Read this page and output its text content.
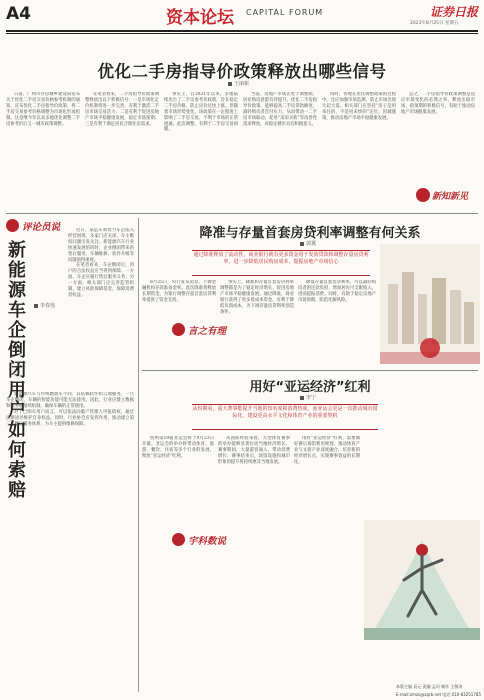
A4	资本论坛 CAPITAL FORUM	证券日报
2023年8月25日 星期五
优化二手房指导价政策释放出哪些信号
王丽新

日前，广州市住房城乡建设局发布关于优化二手房交易价格参考机制的通知，宣布优化二手房指导价政策，将二手房交易参考价格调整为市场化形成机制。这是继今年以来多地优化调整二手房参考价后又一城市政策调整。

在笔者看来，二手房指导价政策调整释放出以下积极信号：一是市场化定价机制将进一步完善，有利于激活二手房市场交易活力；二是有利于促进房地产市场平稳健康发展，稳定市场预期；三是有利于满足居民合理住房需求。

事实上，自2021年以来，多地陆续出台了二手房参考价政策，旨在稳定二手房价格，防止房价过快上涨。但随着市场形势变化，该政策在一定程度上影响了二手房交易，不利于市场的正常流通。此次调整，有利于二手房交易回暖。

当前，房地产市场正处于调整期，居民购房意愿有待提升。优化二手房指导价政策，能够提高二手房贷款额度，减轻购房者首付压力，从而带动一二手房市场联动，促进“卖旧买新”等改善性需求释放，对稳定楼市具有积极意义。

同时，各地在优化调整政策的过程中，还应加强市场监测，防止市场出现大起大落。相关部门应坚持“房子是用来住的、不是用来炒的”定位，因城施策，推动房地产市场平稳健康发展。

总之，二手房指导价政策调整是适应市场变化的必然之举，释放出稳市场、稳预期的积极信号，有助于推动房地产市场健康发展。

新知新见
评论员说
新能源车企倒闭 用户如何索赔
李春莲

近日，某造车新势力车企陷入经营困境，多家门店关闭，车主维权问题引发关注。新能源汽车行业快速发展的同时，企业倒闭带来的售后服务、车辆维修、软件升级等问题值得重视。

在笔者看来，车企倒闭后，用户的合法权益应当得到保障。一方面，车企应履行售后服务义务；另一方面，相关部门应完善监管机制，建立风险保障基金，保障消费者权益。

新能源汽车与传统燃油车不同，其依赖软件和云端服务，一旦车企倒闭，车辆的智能功能可能无法使用。因此，行业应建立数据和服务的接续机制，确保车辆的正常使用。

对于已购车用户而言，可以依法向破产管理人申报债权，通过法律途径维护自身权益。同时，行业协会应发挥作用，推动建立第三方售后服务体系，为车主提供维修保障。

降准与存量首套房贷利率调整有何关系
郭冀
通过降准释放了流动性，商业银行就有更多资金用于发放贷款和调整存量房贷利率，进一步降低居民购房成本，提振房地产市场信心

8月25日，央行发布消息，下调金融机构存款准备金率。此次降准将释放长期资金，为银行调整存量首套房贷利率提供了资金支持。

事实上，降准和存量首套房贷利率调整都是为了稳定经济增长、促进房地产市场平稳健康发展。通过降准，商业银行获得了更多低成本资金，有利于降低负债成本，为下调存量房贷利率创造条件。

降低存量首套房贷利率，可以减轻购房者的还款负担，增加居民可支配收入，进而提振消费。同时，有助于稳定房地产市场预期，防范化解风险。

言之有理
用好“亚运经济”红利
李宁
从短期看，重大赛事能提升当地的知名度和消费热度，而亚运会更是一次推动城市国际化、建设更高水平文化和体育产业的重要契机

杭州第19届亚运会将于9月23日开幕。亚运会的举办将带动体育、旅游、餐饮、住宿等多个行业的发展，释放“亚运经济”红利。

从国际经验来看，大型体育赛事的举办能够显著拉动当地经济增长。赛事期间，大量游客涌入，带动消费增长；赛事结束后，场馆设施和城市形象的提升将持续惠及当地发展。

用好“亚运经济”红利，需要做好赛后场馆利用规划，推动体育产业与文旅产业深度融合，培育新的经济增长点，实现赛事效益的长期化。

宇科数说
本版主编 袁元 责编 孟珂 制作 王敬涛
E-mail:zmzx@zqrb.net 电话 010-83251785
